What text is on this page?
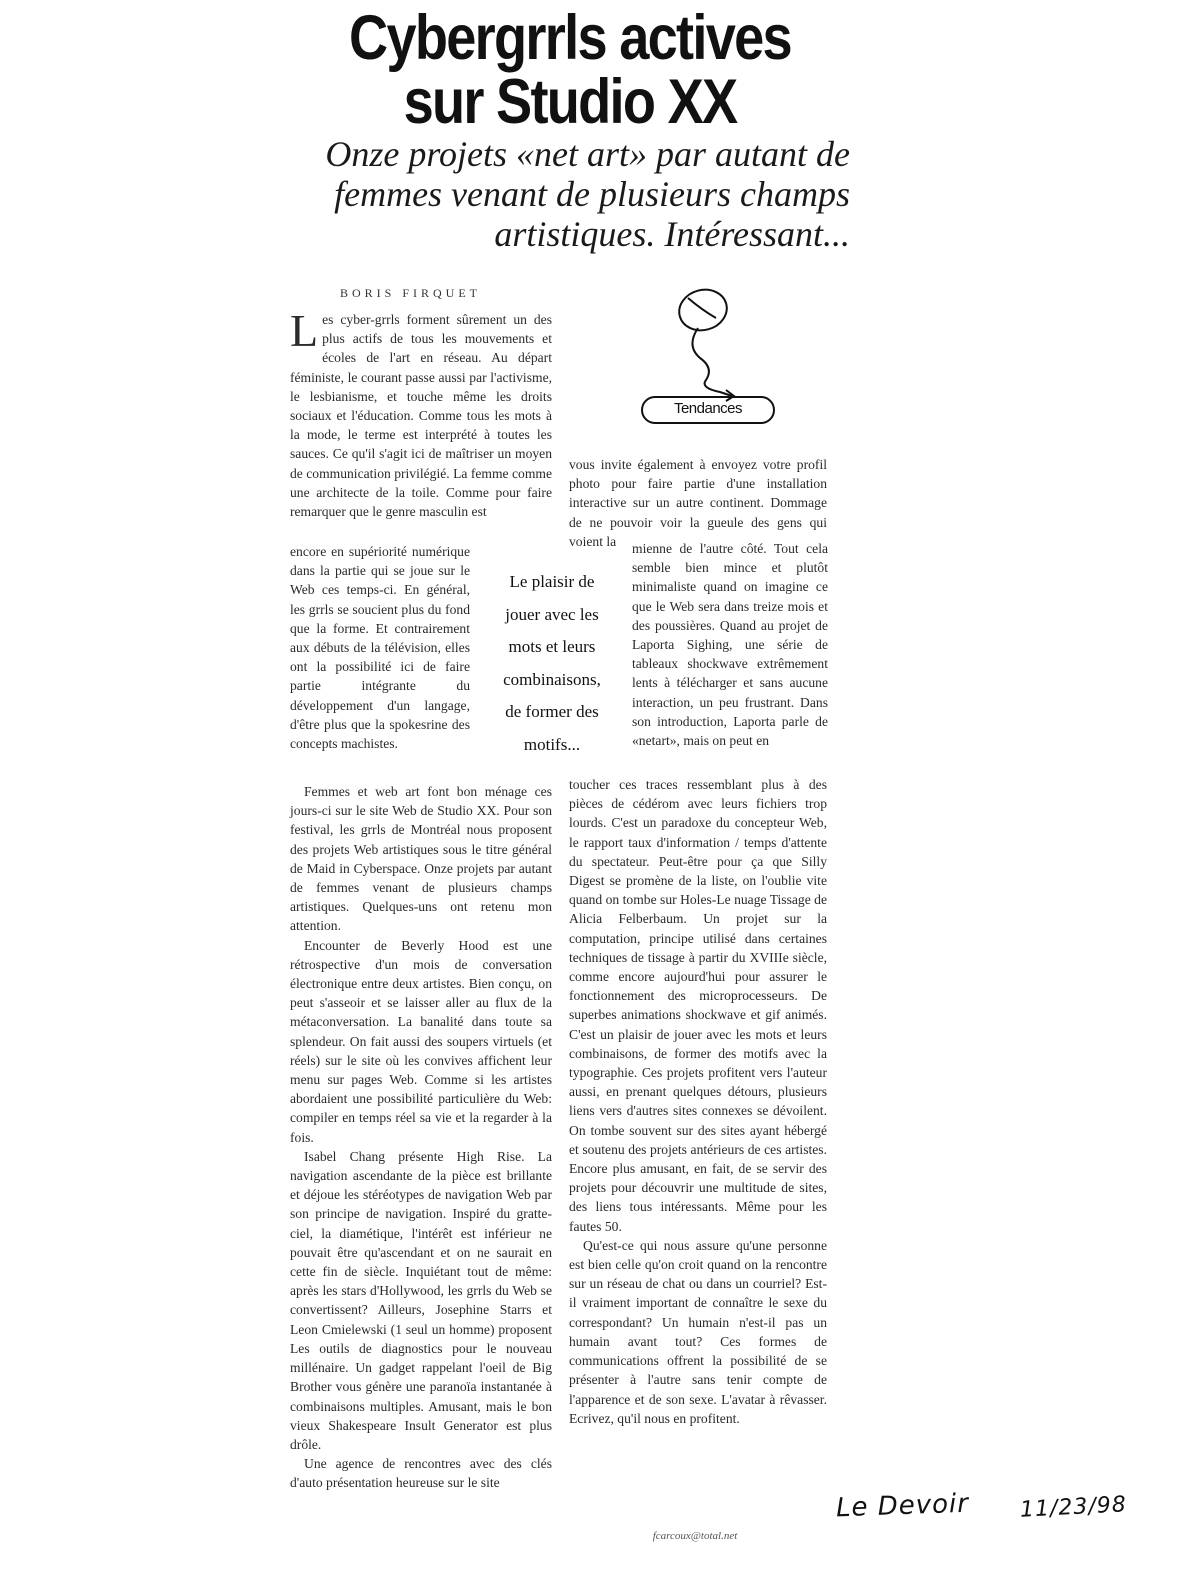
Cybergrrls actives
sur Studio XX
Onze projets «net art» par autant de
femmes venant de plusieurs champs
artistiques. Intéressant...
BORIS FIRQUET
Tendances

Les cyber-grrls forment sûrement un des plus actifs de tous les mouvements et écoles de l'art en réseau. Au départ féministe, le courant passe aussi par l'activisme, le lesbianisme, et touche même les droits sociaux et l'éducation. Comme tous les mots à la mode, le terme est interprété à toutes les sauces. Ce qu'il s'agit ici de maîtriser un moyen de communication privilégié. La femme comme une architecte de la toile. Comme pour faire remarquer que le genre masculin est

encore en supériorité numérique dans la partie qui se joue sur le Web ces temps-ci. En général, les grrls se soucient plus du fond que la forme. Et contrairement aux débuts de la télévision, elles ont la possibilité ici de faire partie intégrante du développement d'un langage, d'être plus que la spokesrine des concepts machistes.

Femmes et web art font bon ménage ces jours-ci sur le site Web de Studio XX. Pour son festival, les grrls de Montréal nous proposent des projets Web artistiques sous le titre général de Maid in Cyberspace. Onze projets par autant de femmes venant de plusieurs champs artistiques. Quelques-uns ont retenu mon attention.

Encounter de Beverly Hood est une rétrospective d'un mois de conversation électronique entre deux artistes. Bien conçu, on peut s'asseoir et se laisser aller au flux de la métaconversation. La banalité dans toute sa splendeur. On fait aussi des soupers virtuels (et réels) sur le site où les convives affichent leur menu sur pages Web. Comme si les artistes abordaient une possibilité particulière du Web: compiler en temps réel sa vie et la regarder à la fois.

Isabel Chang présente High Rise. La navigation ascendante de la pièce est brillante et déjoue les stéréotypes de navigation Web par son principe de navigation. Inspiré du gratte-ciel, la diamétique, l'intérêt est inférieur ne pouvait être qu'ascendant et on ne saurait en cette fin de siècle. Inquiétant tout de même: après les stars d'Hollywood, les grrls du Web se convertissent? Ailleurs, Josephine Starrs et Leon Cmielewski (1 seul un homme) proposent Les outils de diagnostics pour le nouveau millénaire. Un gadget rappelant l'oeil de Big Brother vous génère une paranoïa instantanée à combinaisons multiples. Amusant, mais le bon vieux Shakespeare Insult Generator est plus drôle.

Une agence de rencontres avec des clés d'auto présentation heureuse sur le site

Le plaisir de
jouer avec les
mots et leurs
combinaisons,
de former des
motifs...

vous invite également à envoyez votre profil photo pour faire partie d'une installation interactive sur un autre continent. Dommage de ne pouvoir voir la gueule des gens qui voient la	mienne de l'autre côté. Tout cela semble bien mince et plutôt minimaliste quand on imagine ce que le Web sera dans treize mois et des poussières. Quand au projet de Laporta Sighing, une série de tableaux shockwave extrêmement lents à télécharger et sans aucune interaction, un peu frustrant. Dans son introduction, Laporta parle de «netart», mais on peut en

toucher ces traces ressemblant plus à des pièces de cédérom avec leurs fichiers trop lourds. C'est un paradoxe du concepteur Web, le rapport taux d'information / temps d'attente du spectateur. Peut-être pour ça que Silly Digest se promène de la liste, on l'oublie vite quand on tombe sur Holes-Le nuage Tissage de Alicia Felberbaum. Un projet sur la computation, principe utilisé dans certaines techniques de tissage à partir du XVIIIe siècle, comme encore aujourd'hui pour assurer le fonctionnement des microprocesseurs. De superbes animations shockwave et gif animés. C'est un plaisir de jouer avec les mots et leurs combinaisons, de former des motifs avec la typographie. Ces projets profitent vers l'auteur aussi, en prenant quelques détours, plusieurs liens vers d'autres sites connexes se dévoilent. On tombe souvent sur des sites ayant hébergé et soutenu des projets antérieurs de ces artistes. Encore plus amusant, en fait, de se servir des projets pour découvrir une multitude de sites, des liens tous intéressants. Même pour les fautes 50.

Qu'est-ce qui nous assure qu'une personne est bien celle qu'on croit quand on la rencontre sur un réseau de chat ou dans un courriel? Est-il vraiment important de connaître le sexe du correspondant? Un humain n'est-il pas un humain avant tout? Ces formes de communications offrent la possibilité de se présenter à l'autre sans tenir compte de l'apparence et de son sexe. L'avatar à rêvasser. Ecrivez, qu'il nous en profitent.

fcarcoux@total.net
Le Devoir 11/23/98
